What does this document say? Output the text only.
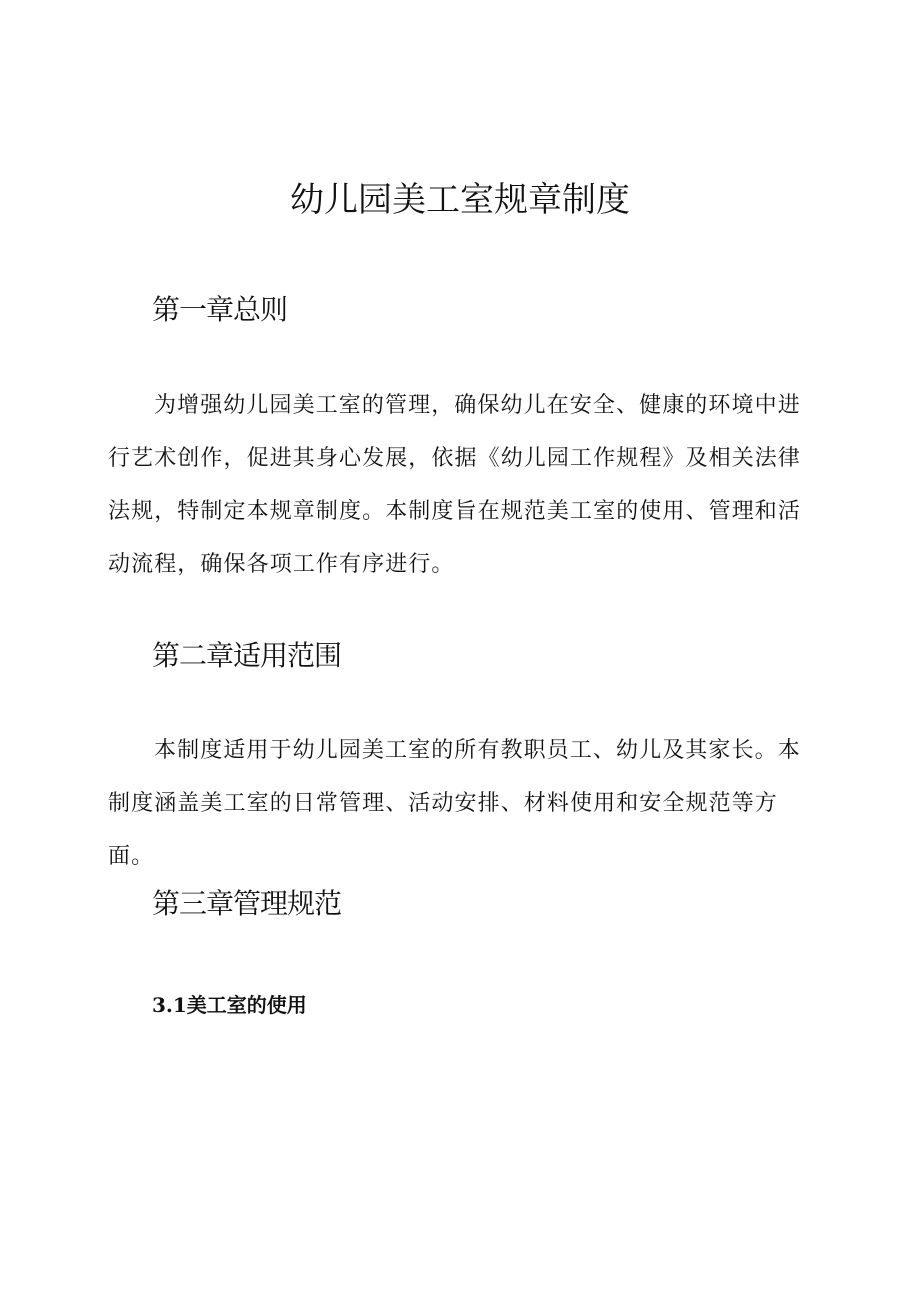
幼儿园美工室规章制度
第一章总则

为增强幼儿园美工室的管理，确保幼儿在安全、健康的环境中进行艺术创作，促进其身心发展，依据《幼儿园工作规程》及相关法律法规，特制定本规章制度。本制度旨在规范美工室的使用、管理和活动流程，确保各项工作有序进行。

第二章适用范围

本制度适用于幼儿园美工室的所有教职员工、幼儿及其家长。本制度涵盖美工室的日常管理、活动安排、材料使用和安全规范等方面。

第三章管理规范
3.1美工室的使用
